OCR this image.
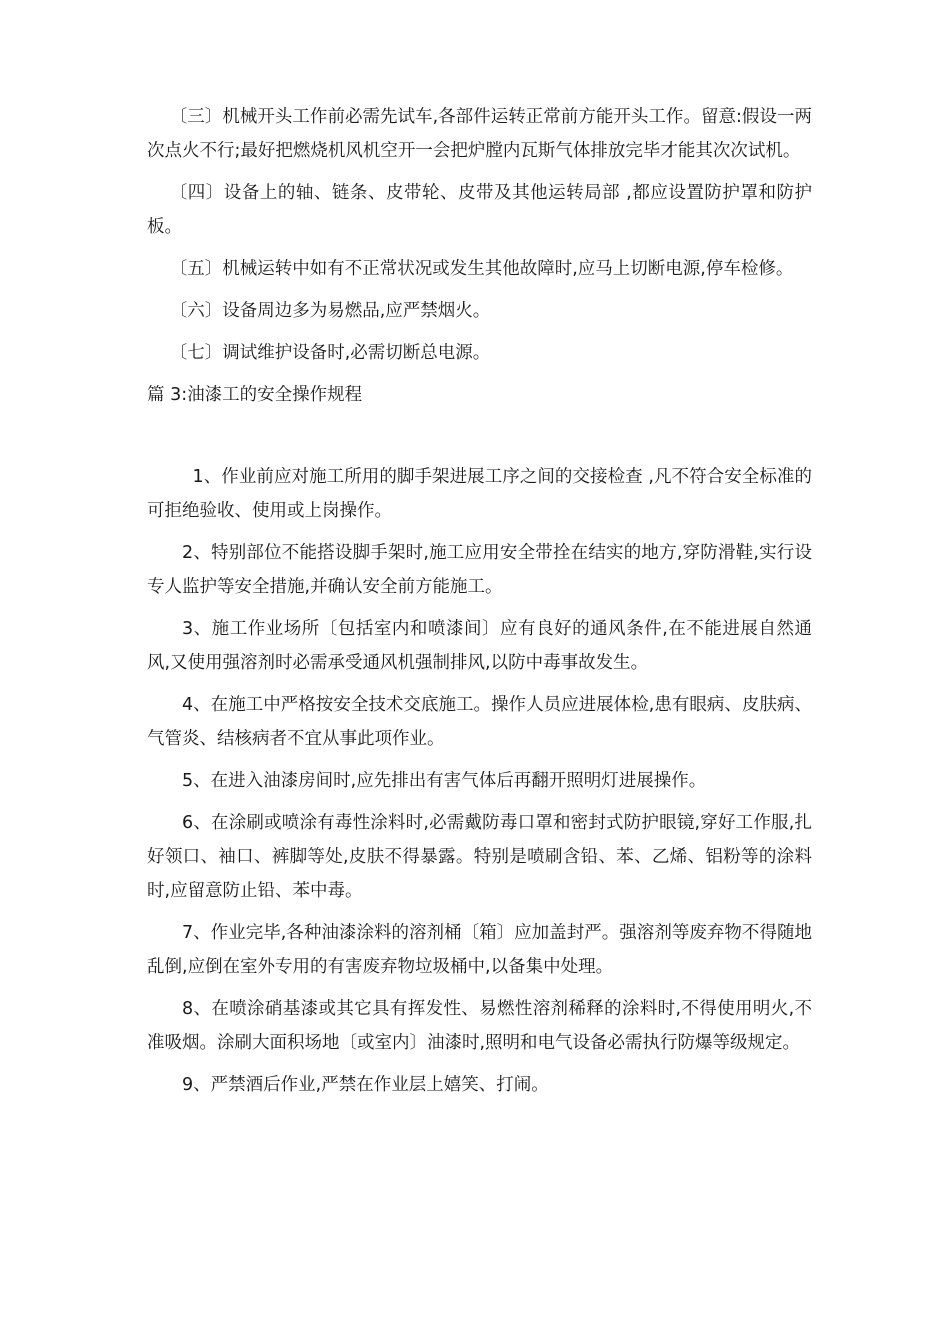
〔三〕机械开头工作前必需先试车,各部件运转正常前方能开头工作。留意:假设一两次点火不行;最好把燃烧机风机空开一会把炉膛内瓦斯气体排放完毕才能其次次试机。

〔四〕设备上的轴、链条、皮带轮、皮带及其他运转局部 ,都应设置防护罩和防护板。

〔五〕机械运转中如有不正常状况或发生其他故障时,应马上切断电源,停车检修。

〔六〕设备周边多为易燃品,应严禁烟火。

〔七〕调试维护设备时,必需切断总电源。

篇 3:油漆工的安全操作规程

1、作业前应对施工所用的脚手架进展工序之间的交接检查 ,凡不符合安全标准的可拒绝验收、使用或上岗操作。

2、特别部位不能搭设脚手架时,施工应用安全带拴在结实的地方,穿防滑鞋,实行设专人监护等安全措施,并确认安全前方能施工。

3、施工作业场所〔包括室内和喷漆间〕应有良好的通风条件,在不能进展自然通风,又使用强溶剂时必需承受通风机强制排风,以防中毒事故发生。

4、在施工中严格按安全技术交底施工。操作人员应进展体检,患有眼病、皮肤病、气管炎、结核病者不宜从事此项作业。

5、在进入油漆房间时,应先排出有害气体后再翻开照明灯进展操作。

6、在涂刷或喷涂有毒性涂料时,必需戴防毒口罩和密封式防护眼镜,穿好工作服,扎好领口、袖口、裤脚等处,皮肤不得暴露。特别是喷刷含铅、苯、乙烯、铝粉等的涂料时,应留意防止铅、苯中毒。

7、作业完毕,各种油漆涂料的溶剂桶〔箱〕应加盖封严。强溶剂等废弃物不得随地乱倒,应倒在室外专用的有害废弃物垃圾桶中,以备集中处理。

8、在喷涂硝基漆或其它具有挥发性、易燃性溶剂稀释的涂料时,不得使用明火,不准吸烟。涂刷大面积场地〔或室内〕油漆时,照明和电气设备必需执行防爆等级规定。

9、严禁酒后作业,严禁在作业层上嬉笑、打闹。
